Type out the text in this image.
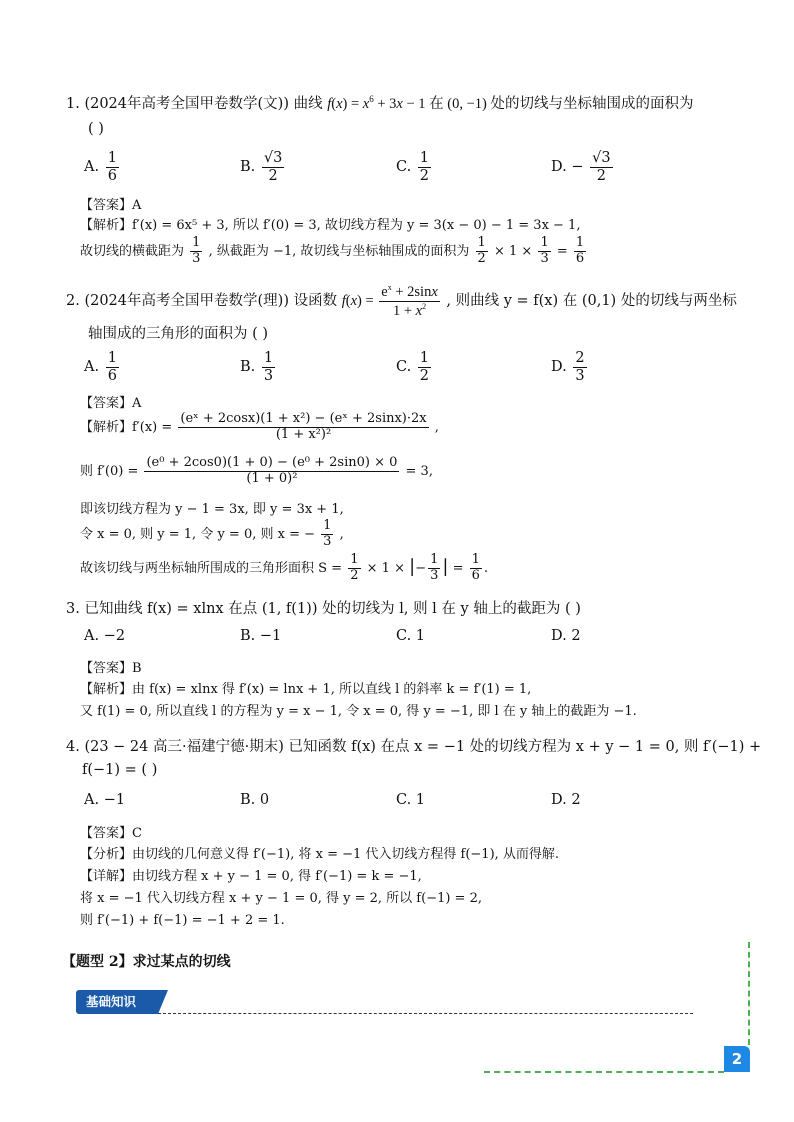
1. (2024年高考全国甲卷数学(文)) 曲线 $f(x) = x^6 + 3x - 1$ 在 (0, −1) 处的切线与坐标轴围成的面积为
( )
A. $\frac{1}{6}$	B. $\frac{√3}{2}$	C. $\frac{1}{2}$	D. − $\frac{√3}{2}$
【答案】A
【解析】f′(x) = 6x⁵ + 3, 所以 f′(0) = 3, 故切线方程为 y = 3(x − 0) − 1 = 3x − 1,
故切线的横截距为 $\frac{1}{3}$ , 纵截距为 −1, 故切线与坐标轴围成的面积为 $\frac{1}{2} \times 1 \times \frac{1}{3} = \frac{1}{6}$
2. (2024年高考全国甲卷数学(理)) 设函数 $f(x) = \frac{e^x + 2\sin x}{1 + x^2}$ , 则曲线 y = f(x) 在 (0,1) 处的切线与两坐标
轴围成的三角形的面积为 ( )
A. $\frac{1}{6}$	B. $\frac{1}{3}$	C. $\frac{1}{2}$	D. $\frac{2}{3}$
【答案】A
【解析】$f'(x) = \frac{\text{(eˣ + 2cosx)(1 + x²) − (eˣ + 2sinx)·2x}}{\text{(1 + x²)²}}$ ,
则 $f'(0) = \frac{\text{(e⁰ + 2cos0)(1 + 0) − (e⁰ + 2sin0) × 0}}{\text{(1 + 0)²}} = 3$,
即该切线方程为 y − 1 = 3x, 即 y = 3x + 1,
令 x = 0, 则 y = 1, 令 y = 0, 则 x = − $\frac{1}{3}$ ,
故该切线与两坐标轴所围成的三角形面积 $S = \frac{1}{2} \times 1$ × |− $\frac{1}{3}$ | = $\frac{1}{6}$ .
3. 已知曲线 f(x) = xlnx 在点 (1, f(1)) 处的切线为 l, 则 l 在 y 轴上的截距为 ( )
A. −2	B. −1	C. 1	D. 2
【答案】B
【解析】由 f(x) = xlnx 得 f′(x) = lnx + 1, 所以直线 l 的斜率 k = f′(1) = 1,
又 f(1) = 0, 所以直线 l 的方程为 y = x − 1, 令 x = 0, 得 y = −1, 即 l 在 y 轴上的截距为 −1.
4. (23 − 24 高三·福建宁德·期末) 已知函数 f(x) 在点 x = −1 处的切线方程为 x + y − 1 = 0, 则 f′(−1) +
f(−1) = ( )
A. −1	B. 0	C. 1	D. 2
【答案】C
【分析】由切线的几何意义得 f′(−1), 将 x = −1 代入切线方程得 f(−1), 从而得解.
【详解】由切线方程 x + y − 1 = 0, 得 f′(−1) = k = −1,
将 x = −1 代入切线方程 x + y − 1 = 0, 得 y = 2, 所以 f(−1) = 2,
则 f′(−1) + f(−1) = −1 + 2 = 1.
【题型 2】求过某点的切线
基础知识
2
